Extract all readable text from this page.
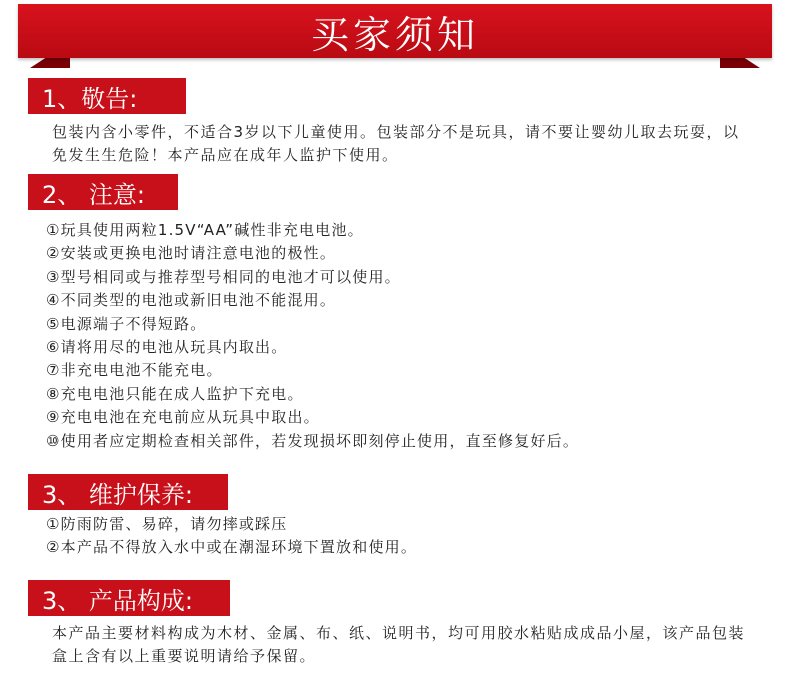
买家须知
1、敬告:

包装内含小零件，不适合3岁以下儿童使用。包装部分不是玩具，请不要让婴幼儿取去玩耍，以免发生生危险！本产品应在成年人监护下使用。

2、 注意:
①玩具使用两粒1.5V“AA”碱性非充电电池。
②安装或更换电池时请注意电池的极性。
③型号相同或与推荐型号相同的电池才可以使用。
④不同类型的电池或新旧电池不能混用。
⑤电源端子不得短路。
⑥请将用尽的电池从玩具内取出。
⑦非充电电池不能充电。
⑧充电电池只能在成人监护下充电。
⑨充电电池在充电前应从玩具中取出。
⑩使用者应定期检查相关部件，若发现损坏即刻停止使用，直至修复好后。
3、 维护保养:
①防雨防雷、易碎，请勿摔或踩压
②本产品不得放入水中或在潮湿环境下置放和使用。
3、 产品构成:

本产品主要材料构成为木材、金属、布、纸、说明书，均可用胶水粘贴成成品小屋，该产品包装盒上含有以上重要说明请给予保留。
